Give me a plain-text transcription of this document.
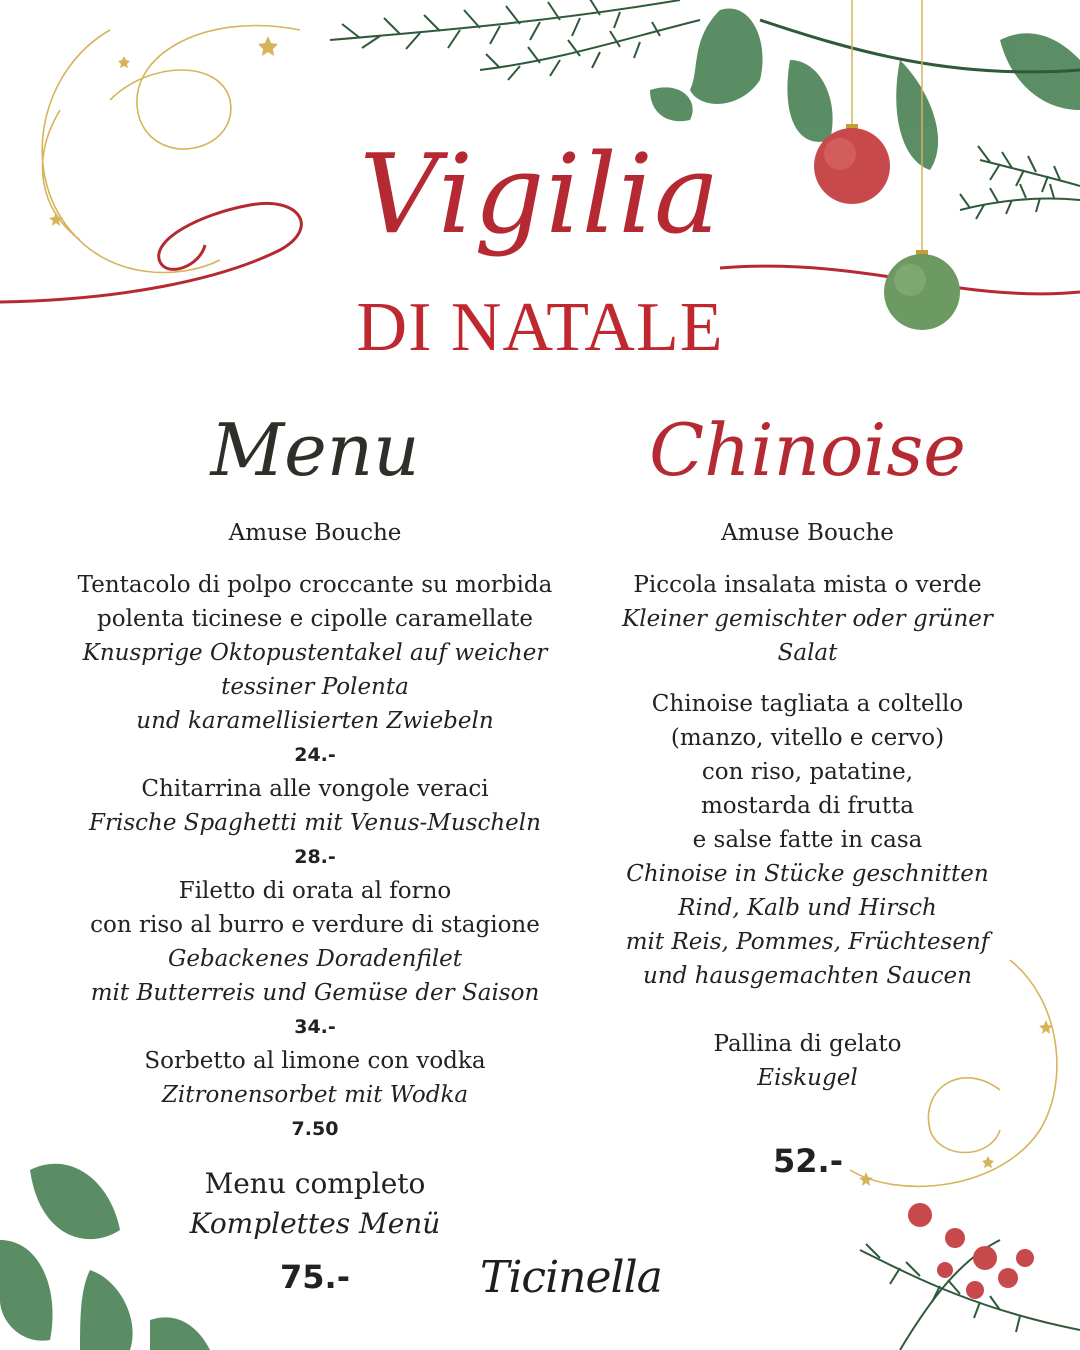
Vigilia
DI NATALE
Menu	Chinoise
Amuse Bouche
Tentacolo di polpo croccante su morbida
polenta ticinese e cipolle caramellate
Knusprige Oktopustentakel auf weicher
tessiner Polenta
und karamellisierten Zwiebeln
24.-
Chitarrina alle vongole veraci
Frische Spaghetti mit Venus-Muscheln
28.-
Filetto di orata al forno
con riso al burro e verdure di stagione
Gebackenes Doradenfilet
mit Butterreis und Gemüse der Saison
34.-
Sorbetto al limone con vodka
Zitronensorbet mit Wodka
7.50
Menu completo
Komplettes Menü
75.-
Amuse Bouche
Piccola insalata mista o verde
Kleiner gemischter oder grüner
Salat
Chinoise tagliata a coltello
(manzo, vitello e cervo)
con riso, patatine,
mostarda di frutta
e salse fatte in casa
Chinoise in Stücke geschnitten
Rind, Kalb und Hirsch
mit Reis, Pommes, Früchtesenf
und hausgemachten Saucen
Pallina di gelato
Eiskugel
52.-
Ticinella
